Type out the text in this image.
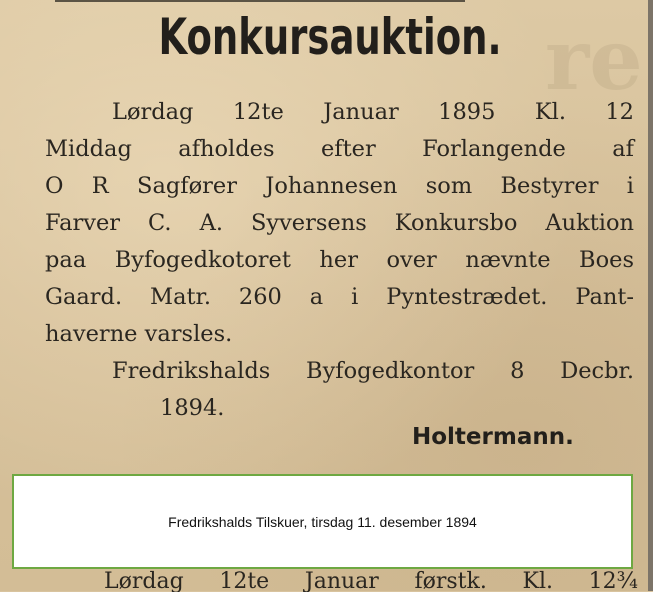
re
Konkursauktion.
Lørdag 12te Januar 1895 Kl. 12
Middag afholdes efter Forlangende af
O R Sagfører Johannesen som Bestyrer i
Farver C. A. Syversens Konkursbo Auktion
paa Byfogedkotoret her over nævnte Boes
Gaard. Matr. 260 a i Pyntestrædet. Pant-
haverne varsles.
Fredrikshalds Byfogedkontor 8 Decbr.
1894.
Holtermann.
Fredrikshalds Tilskuer, tirsdag 11. desember 1894
Lørdag 12te Januar førstk. Kl. 12¾
